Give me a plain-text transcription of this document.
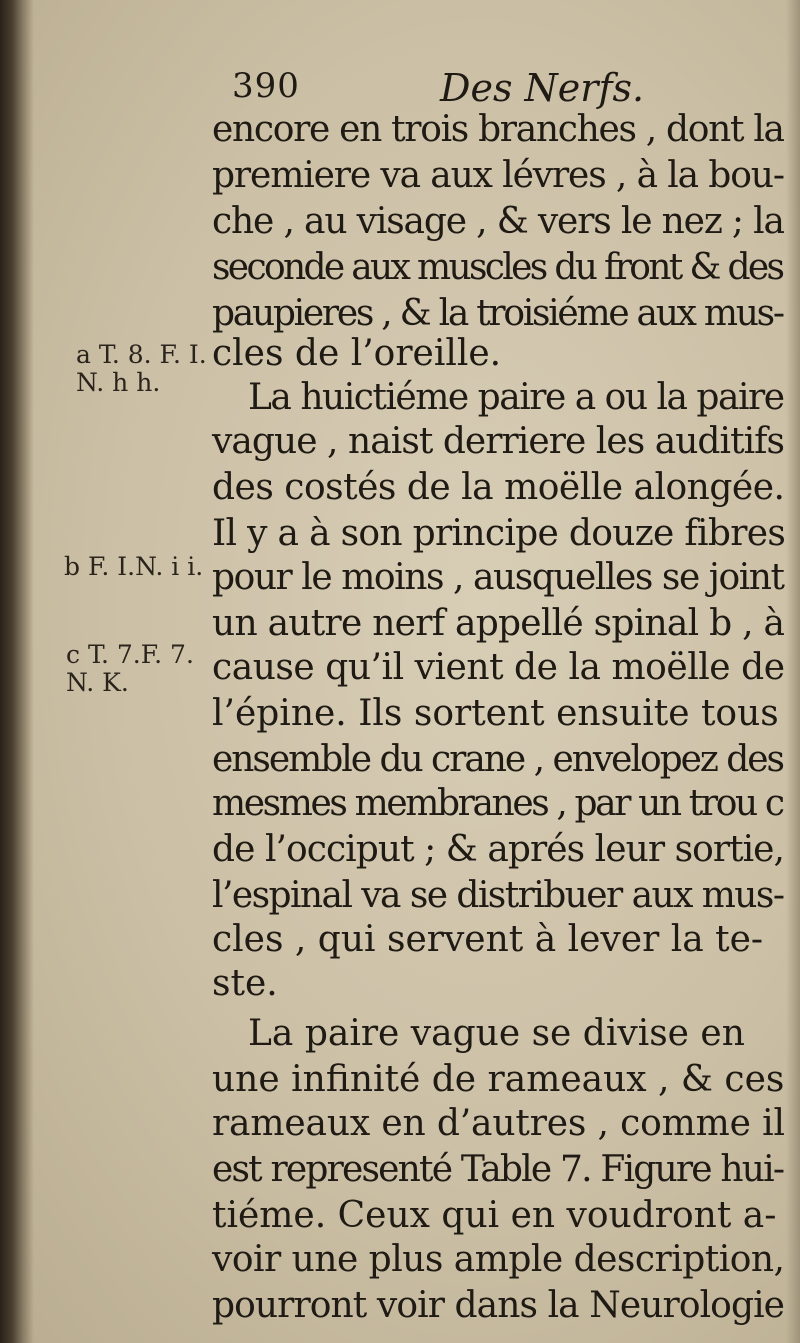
390	Des Nerfs.
a T. 8. F. I.
N. h h.
b F. I.N. i i.
c T. 7.F. 7.
N. K.
encore en trois branches , dont la
premiere va aux lévres , à la bou-
che , au visage , & vers le nez ; la
seconde aux muscles du front & des
paupieres , & la troisiéme aux mus-
cles de l’oreille.
La huictiéme paire a ou la paire
vague , naist derriere les auditifs
des costés de la moëlle alongée.
Il y a à son principe douze fibres
pour le moins , ausquelles se joint
un autre nerf appellé spinal b , à
cause qu’il vient de la moëlle de
l’épine. Ils sortent ensuite tous
ensemble du crane , envelopez des
mesmes membranes , par un trou c
de l’occiput ; & aprés leur sortie,
l’espinal va se distribuer aux mus-
cles , qui servent à lever la te-
ste.
La paire vague se divise en
une infinité de rameaux , & ces
rameaux en d’autres , comme il
est representé Table 7. Figure hui-
tiéme. Ceux qui en voudront a-
voir une plus ample description,
pourront voir dans la Neurologie
